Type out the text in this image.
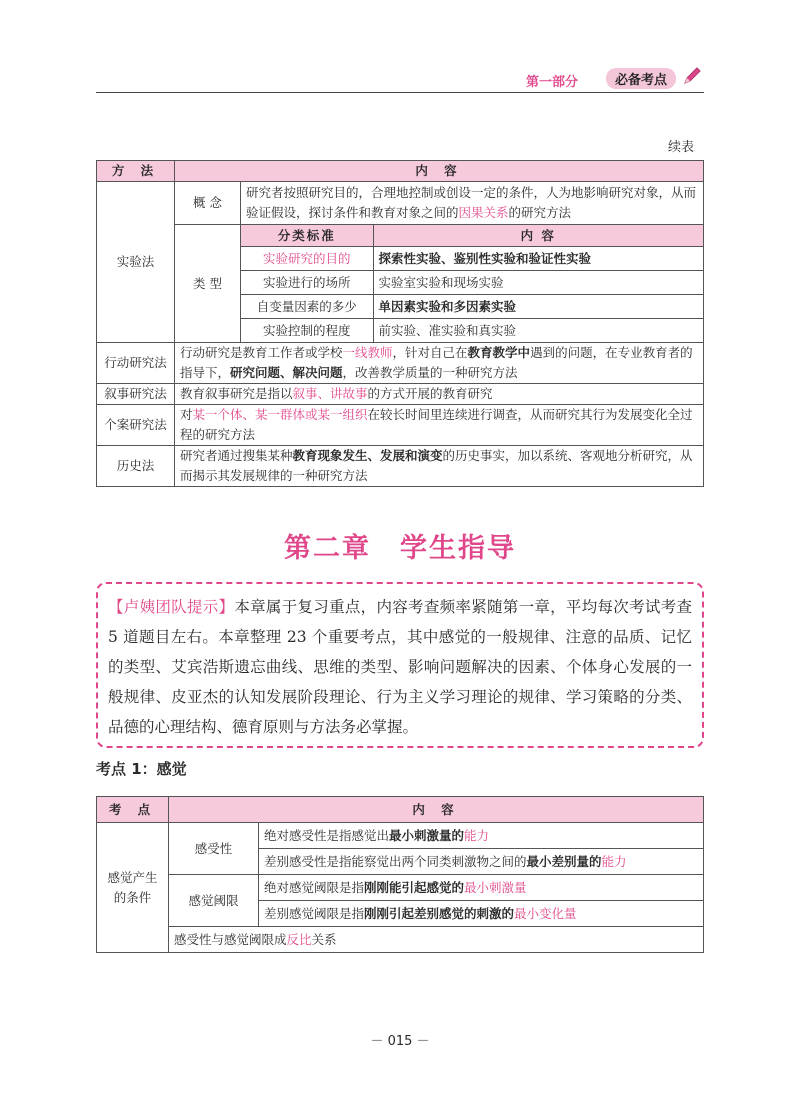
第一部分	必备考点
续表
方 法	内 容
实验法	概 念	研究者按照研究目的，合理地控制或创设一定的条件，人为地影响研究对象，从而验证假设，探讨条件和教育对象之间的因果关系的研究方法
类 型	
分类标准	内 容
实验研究的目的	探索性实验、鉴别性实验和验证性实验
实验进行的场所	实验室实验和现场实验
自变量因素的多少	单因素实验和多因素实验
实验控制的程度	前实验、准实验和真实验

行动研究法	行动研究是教育工作者或学校一线教师，针对自己在教育教学中遇到的问题，在专业教育者的指导下，研究问题、解决问题，改善教学质量的一种研究方法
叙事研究法	教育叙事研究是指以叙事、讲故事的方式开展的教育研究
个案研究法	对某一个体、某一群体或某一组织在较长时间里连续进行调查，从而研究其行为发展变化全过程的研究方法
历史法	研究者通过搜集某种教育现象发生、发展和演变的历史事实，加以系统、客观地分析研究，从而揭示其发展规律的一种研究方法
第二章　学生指导
【卢姨团队提示】本章属于复习重点，内容考查频率紧随第一章，平均每次考试考查 5 道题目左右。本章整理 23 个重要考点，其中感觉的一般规律、注意的品质、记忆的类型、艾宾浩斯遗忘曲线、思维的类型、影响问题解决的因素、个体身心发展的一般规律、皮亚杰的认知发展阶段理论、行为主义学习理论的规律、学习策略的分类、品德的心理结构、德育原则与方法务必掌握。
考点 1：感觉
考 点	内 容	
感觉产生的条件	感受性	绝对感受性是指感觉出最小刺激量的能力
		差别感受性是指能察觉出两个同类刺激物之间的最小差别量的能力
	感觉阈限	绝对感觉阈限是指刚刚能引起感觉的最小刺激量
		差别感觉阈限是指刚刚引起差别感觉的刺激的最小变化量
	感受性与感觉阈限成反比关系	
－ 015 －
